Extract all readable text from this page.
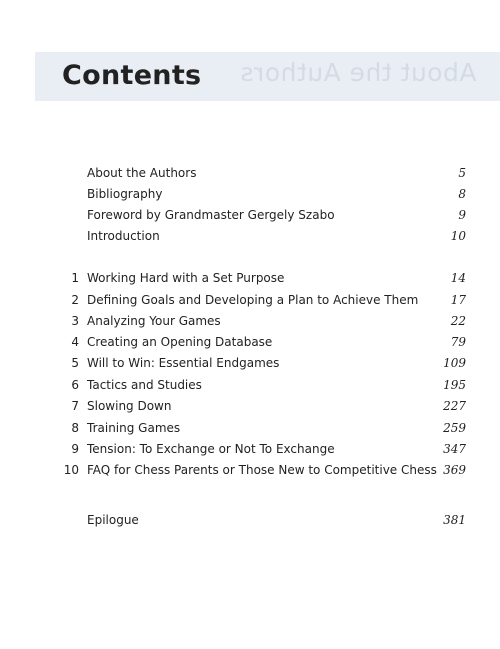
About the Authors
Contents
About the Authors	5
Bibliography	8
Foreword by Grandmaster Gergely Szabo	9
Introduction	10
1 Working Hard with a Set Purpose	14
2 Defining Goals and Developing a Plan to Achieve Them	17
3 Analyzing Your Games	22
4 Creating an Opening Database	79
5 Will to Win: Essential Endgames	109
6 Tactics and Studies	195
7 Slowing Down	227
8 Training Games	259
9 Tension: To Exchange or Not To Exchange	347
10 FAQ for Chess Parents or Those New to Competitive Chess 369
Epilogue	381
